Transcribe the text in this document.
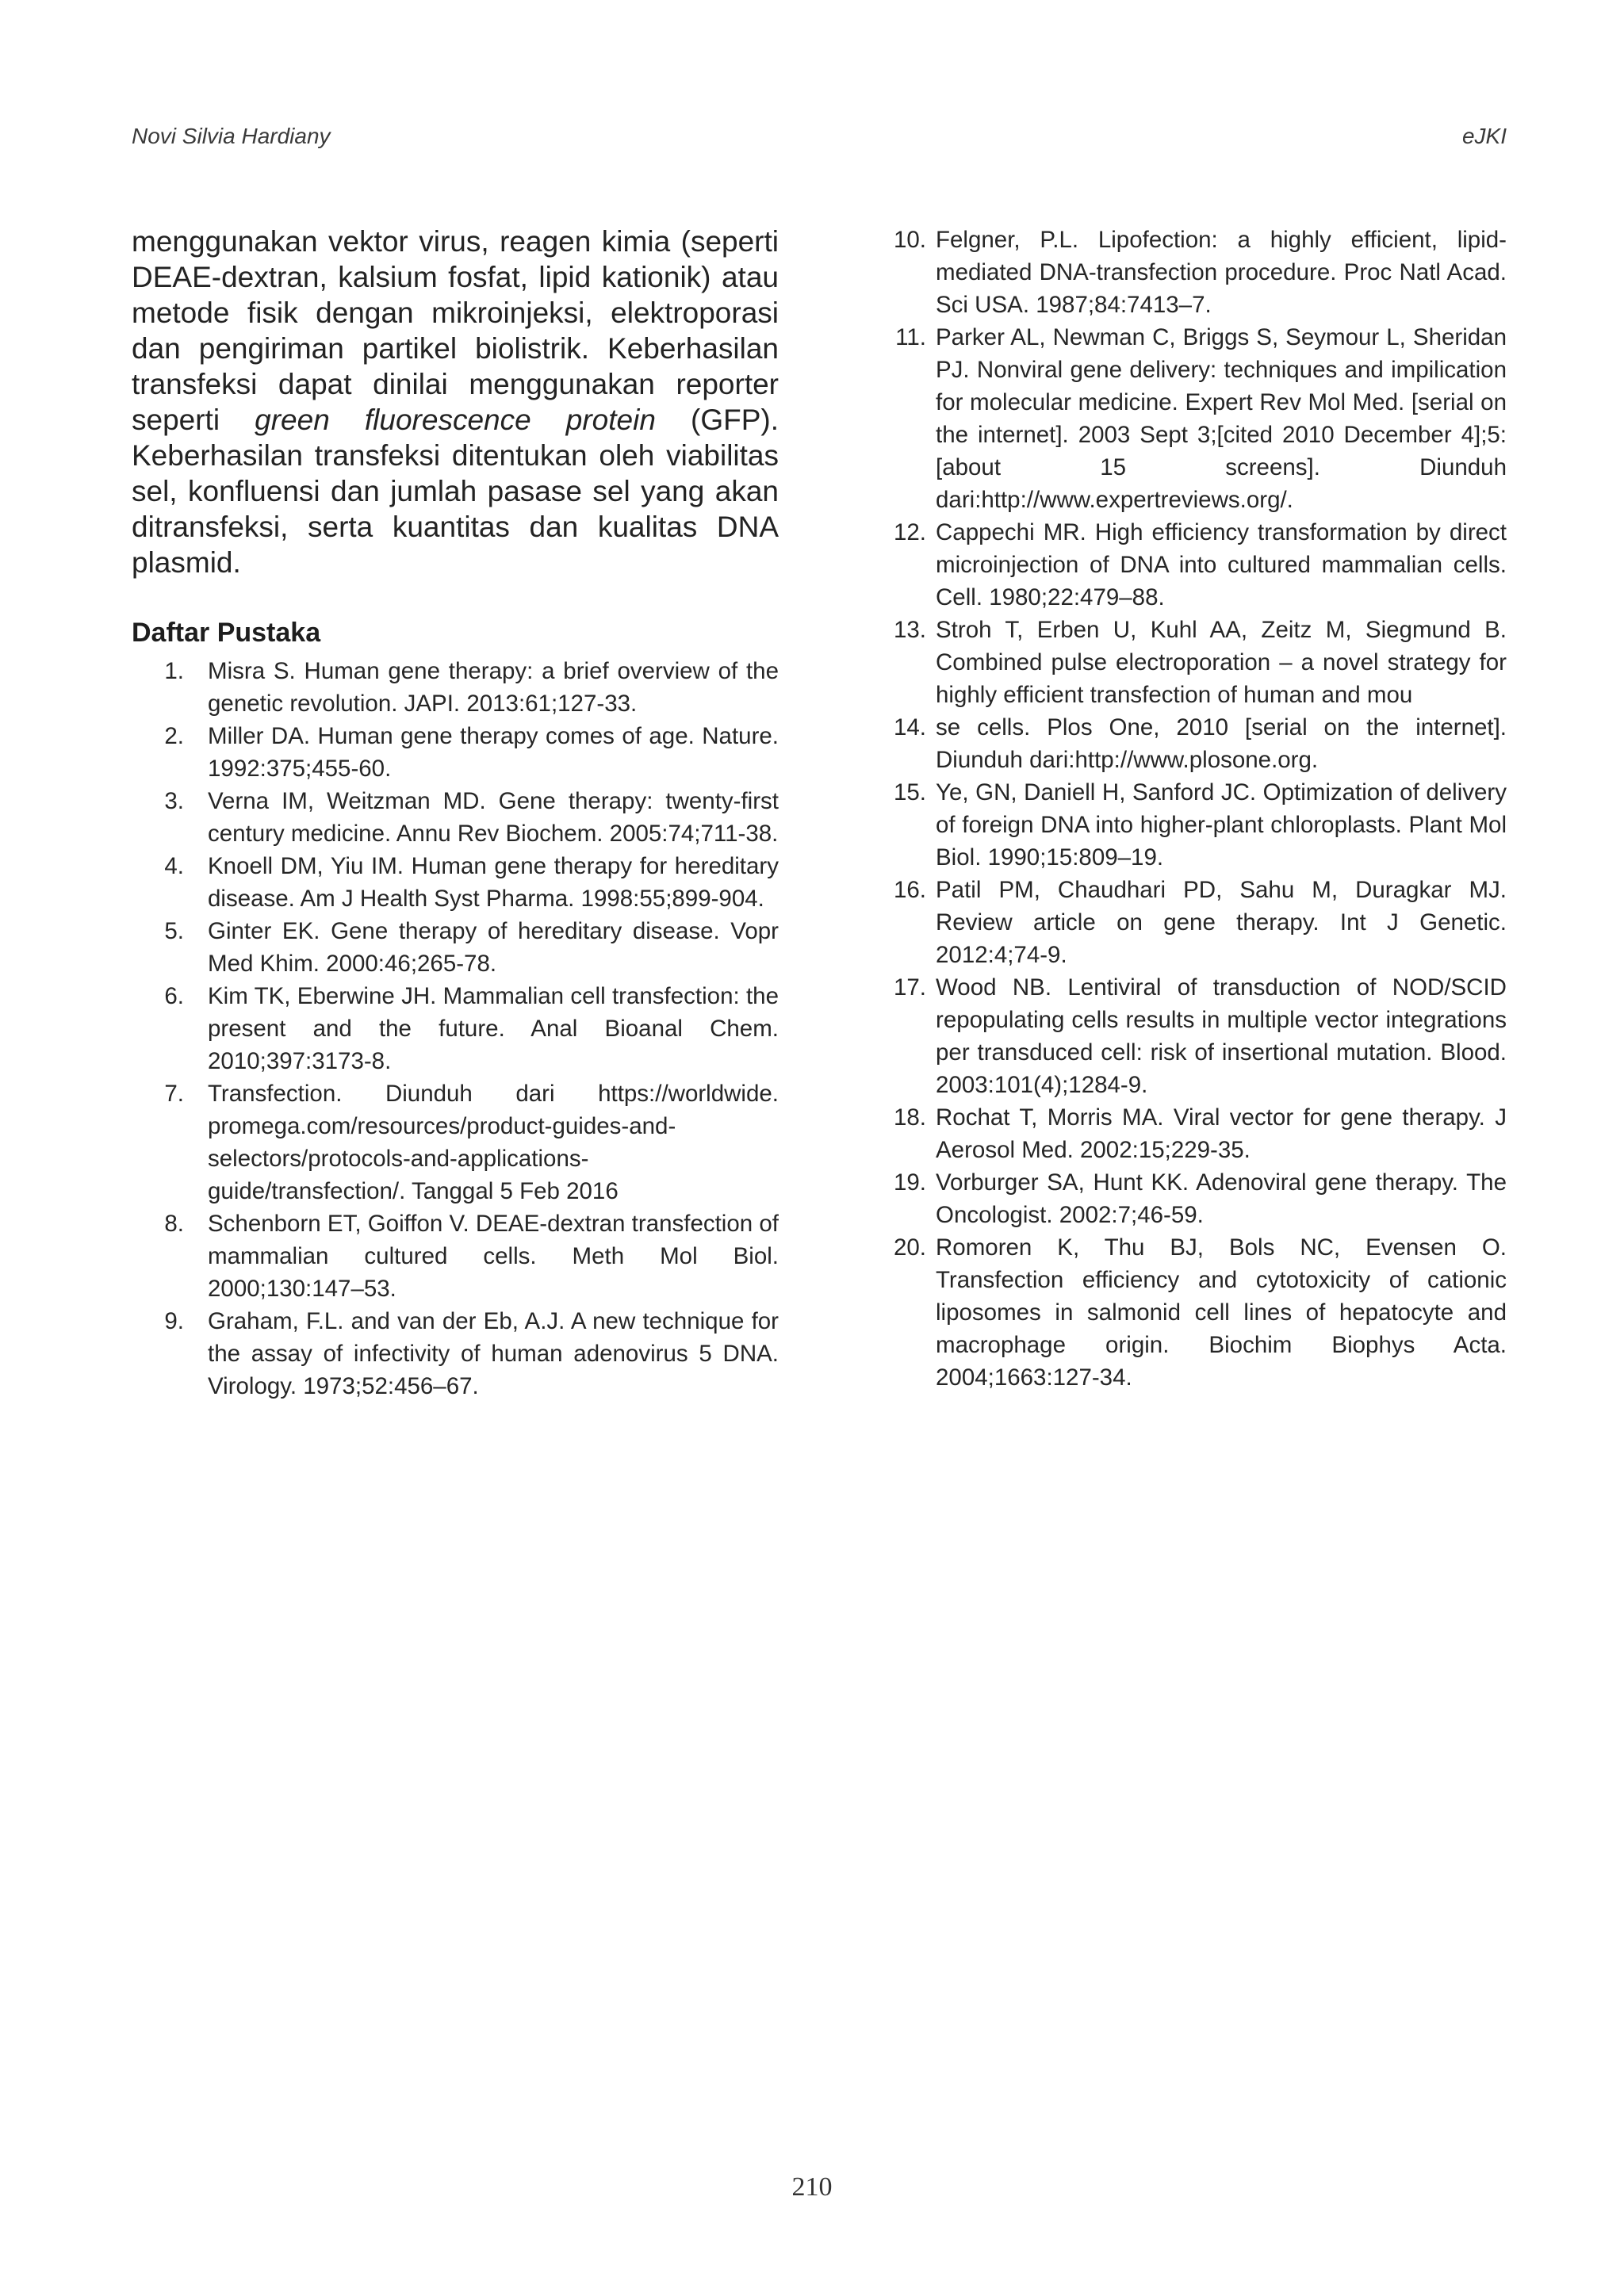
Novi Silvia Hardiany	eJKI

menggunakan vektor virus, reagen kimia (seperti DEAE-dextran, kalsium fosfat, lipid kationik) atau metode fisik dengan mikroinjeksi, elektroporasi dan pengiriman partikel biolistrik. Keberhasilan transfeksi dapat dinilai menggunakan reporter seperti green fluorescence protein (GFP). Keberhasilan transfeksi ditentukan oleh viabilitas sel, konfluensi dan jumlah pasase sel yang akan ditransfeksi, serta kuantitas dan kualitas DNA plasmid.

Daftar Pustaka
1.	Misra S. Human gene therapy: a brief overview of the genetic revolution. JAPI. 2013:61;127-33.
2.	Miller DA. Human gene therapy comes of age. Nature. 1992:375;455-60.
3.	Verna IM, Weitzman MD. Gene therapy: twenty-first century medicine. Annu Rev Biochem. 2005:74;711-38.
4.	Knoell DM, Yiu IM. Human gene therapy for hereditary disease. Am J Health Syst Pharma. 1998:55;899-904.
5.	Ginter EK. Gene therapy of hereditary disease. Vopr Med Khim. 2000:46;265-78.
6.	Kim TK, Eberwine JH. Mammalian cell transfection: the present and the future. Anal Bioanal Chem. 2010;397:3173-8.
7.	Transfection. Diunduh dari https://worldwide. promega.com/resources/product-guides-and-selectors/protocols-and-applications-guide/transfection/. Tanggal 5 Feb 2016
8.	Schenborn ET, Goiffon V. DEAE-dextran transfection of mammalian cultured cells. Meth Mol Biol. 2000;130:147–53.
9.	Graham, F.L. and van der Eb, A.J. A new technique for the assay of infectivity of human adenovirus 5 DNA. Virology. 1973;52:456–67.
10. Felgner, P.L. Lipofection: a highly efficient, lipid-mediated DNA-transfection procedure. Proc Natl Acad. Sci USA. 1987;84:7413–7.
11. Parker AL, Newman C, Briggs S, Seymour L, Sheridan PJ. Nonviral gene delivery: techniques and impilication for molecular medicine. Expert Rev Mol Med. [serial on the internet]. 2003 Sept 3;[cited 2010 December 4];5:[about 15 screens]. Diunduh dari:http://www.expertreviews.org/.
12. Cappechi MR. High efficiency transformation by direct microinjection of DNA into cultured mammalian cells. Cell. 1980;22:479–88.
13. Stroh T, Erben U, Kuhl AA, Zeitz M, Siegmund B. Combined pulse electroporation – a novel strategy for highly efficient transfection of human and mou
14. se cells. Plos One, 2010 [serial on the internet]. Diunduh dari:http://www.plosone.org.
15. Ye, GN, Daniell H, Sanford JC. Optimization of delivery of foreign DNA into higher-plant chloroplasts. Plant Mol Biol. 1990;15:809–19.
16. Patil PM, Chaudhari PD, Sahu M, Duragkar MJ. Review article on gene therapy. Int J Genetic. 2012:4;74-9.
17. Wood NB. Lentiviral of transduction of NOD/SCID repopulating cells results in multiple vector integrations per transduced cell: risk of insertional mutation. Blood. 2003:101(4);1284-9.
18. Rochat T, Morris MA. Viral vector for gene therapy. J Aerosol Med. 2002:15;229-35.
19. Vorburger SA, Hunt KK. Adenoviral gene therapy. The Oncologist. 2002:7;46-59.
20. Romoren K, Thu BJ, Bols NC, Evensen O. Transfection efficiency and cytotoxicity of cationic liposomes in salmonid cell lines of hepatocyte and macrophage origin. Biochim Biophys Acta. 2004;1663:127-34.
210
